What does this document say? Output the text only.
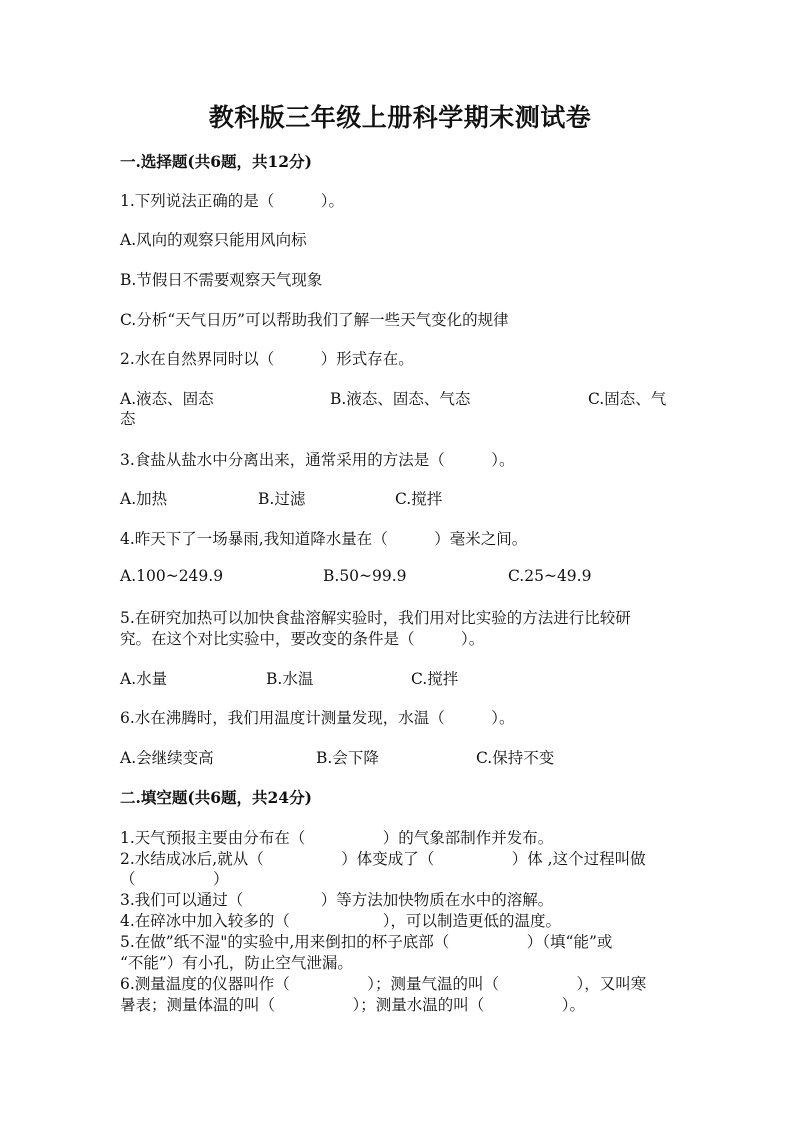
教科版三年级上册科学期末测试卷
一.选择题(共6题，共12分)
1.下列说法正确的是（　　　）。
A.风向的观察只能用风向标
B.节假日不需要观察天气现象
C.分析“天气日历”可以帮助我们了解一些天气变化的规律
2.水在自然界同时以（　　　）形式存在。
A.液态、固态	B.液态、固态、气态	C.固态、气
态
3.食盐从盐水中分离出来，通常采用的方法是（　　　）。
A.加热	B.过滤	C.搅拌
4.昨天下了一场暴雨,我知道降水量在（　　　）毫米之间。
A.100~249.9	B.50~99.9	C.25~49.9
5.在研究加热可以加快食盐溶解实验时，我们用对比实验的方法进行比较研
究。在这个对比实验中，要改变的条件是（　　　）。
A.水量	B.水温	C.搅拌
6.水在沸腾时，我们用温度计测量发现，水温（　　　）。
A.会继续变高	B.会下降	C.保持不变
二.填空题(共6题，共24分)
1.天气预报主要由分布在（　　　　　）的气象部制作并发布。
2.水结成冰后,就从（　　　　　）体变成了（　　　　　）体 ,这个过程叫做
（　　　　　）
3.我们可以通过（　　　　　）等方法加快物质在水中的溶解。
4.在碎冰中加入较多的（　　　　　　），可以制造更低的温度。
5.在做”纸不湿"的实验中,用来倒扣的杯子底部（　　　　　）（填“能”或
“不能”）有小孔，防止空气泄漏。
6.测量温度的仪器叫作（　　　　　）；测量气温的叫（　　　　　），又叫寒
暑表；测量体温的叫（　　　　　）；测量水温的叫（　　　　　）。
